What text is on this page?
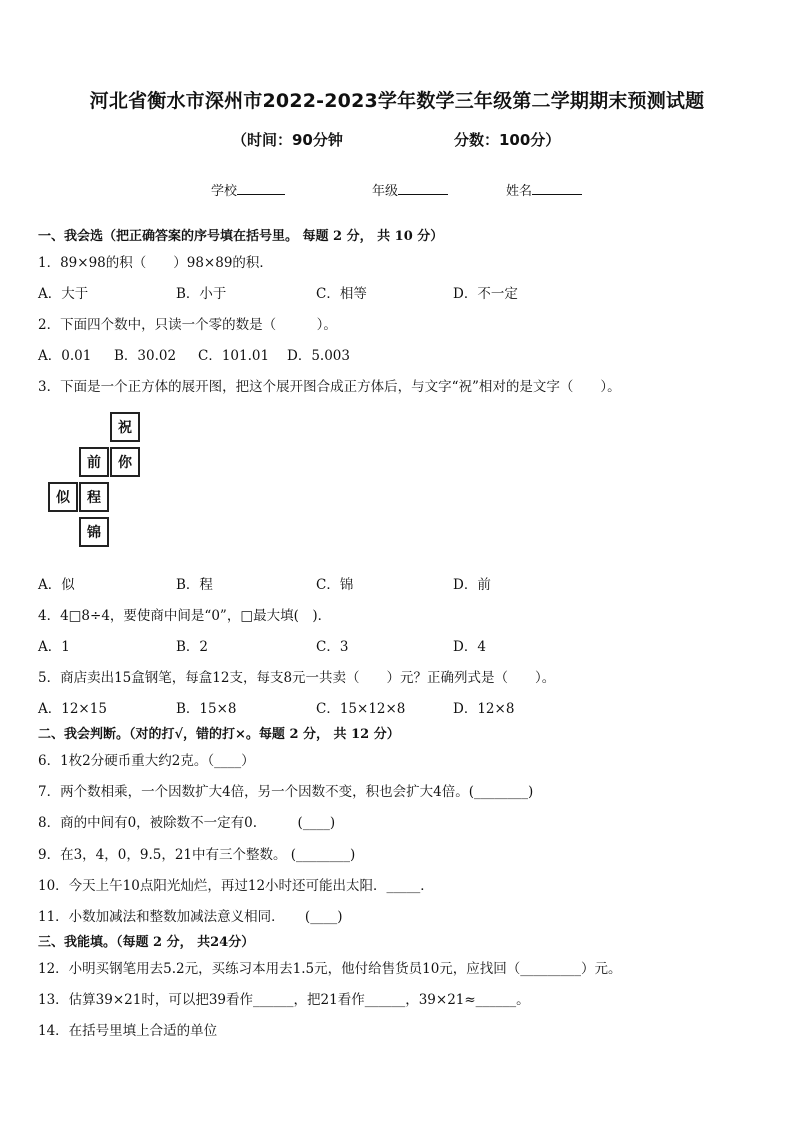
河北省衡水市深州市2022-2023学年数学三年级第二学期期末预测试题
（时间：90分钟	分数：100分）
学校	年级	姓名
一、我会选（把正确答案的序号填在括号里。 每题 2 分， 共 10 分）
1．89×98的积（　　）98×89的积．
A．大于	B．小于	C．相等	D．不一定
2．下面四个数中，只读一个零的数是（　　　）。
A．0.01 B．30.02 C．101.01 D．5.003
3．下面是一个正方体的展开图，把这个展开图合成正方体后，与文字“祝”相对的是文字（　　）。
祝
前	你
似	程
锦
A．似	B．程	C．锦	D．前
4．4□8÷4，要使商中间是“0”，□最大填(　)．
A．1	B．2	C．3	D．4
5．商店卖出15盒钢笔，每盒12支，每支8元一共卖（　　）元？正确列式是（　　）。
A．12×15	B．15×8	C．15×12×8	D．12×8
二、我会判断。（对的打√，错的打×。每题 2 分， 共 12 分）
6．1枚2分硬币重大约2克。（____）
7．两个数相乘，一个因数扩大4倍，另一个因数不变，积也会扩大4倍。(________)
8．商的中间有0，被除数不一定有0.　　　(____)
9．在3，4，0，9.5，21中有三个整数。 (________)
10．今天上午10点阳光灿烂，再过12小时还可能出太阳．_____．
11．小数加减法和整数加减法意义相同．　　(____)
三、我能填。（每题 2 分， 共24分）
12．小明买钢笔用去5.2元，买练习本用去1.5元，他付给售货员10元，应找回（_________）元。
13．估算39×21时，可以把39看作______，把21看作______，39×21≈______。
14．在括号里填上合适的单位
